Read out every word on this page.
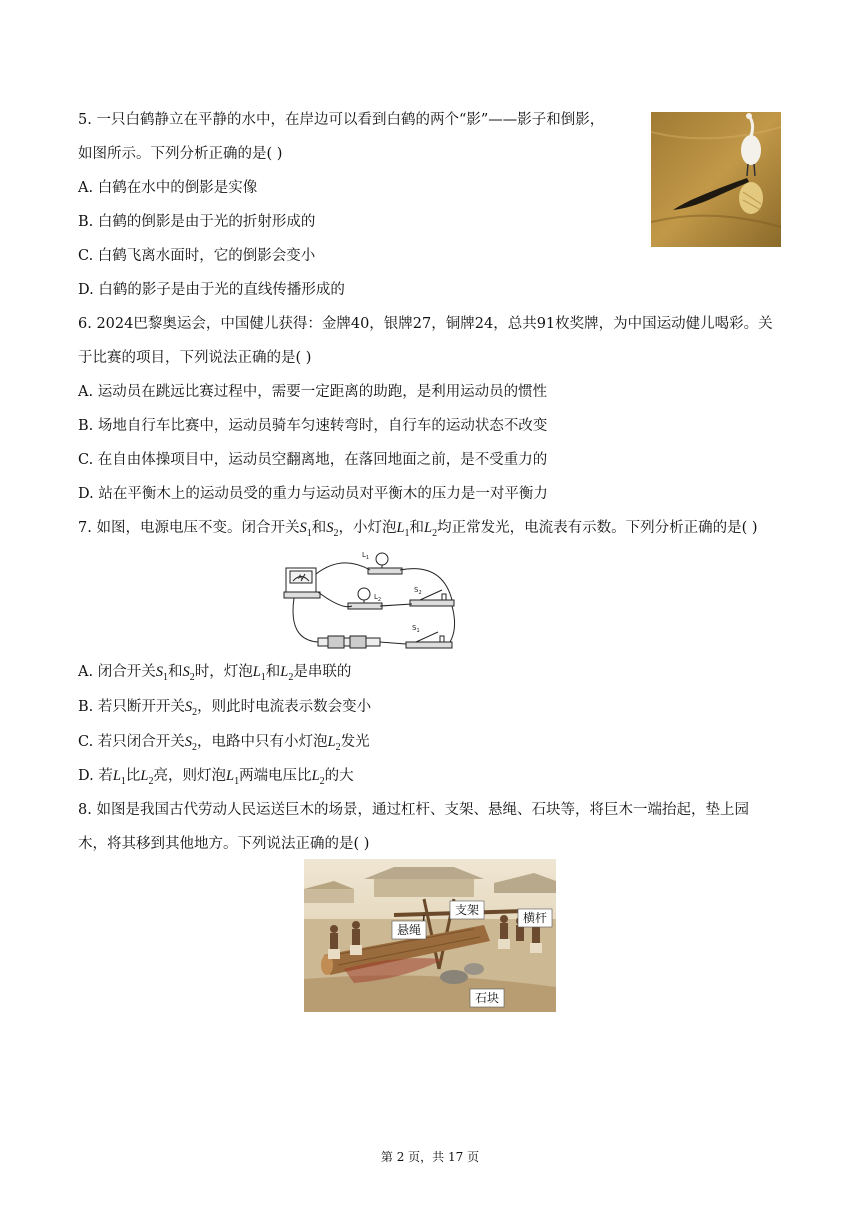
5. 一只白鹤静立在平静的水中，在岸边可以看到白鹤的两个“影”——影子和倒影，
如图所示。下列分析正确的是( )
A. 白鹤在水中的倒影是实像
B. 白鹤的倒影是由于光的折射形成的
C. 白鹤飞离水面时，它的倒影会变小
D. 白鹤的影子是由于光的直线传播形成的
6. 2024巴黎奥运会，中国健儿获得：金牌40，银牌27，铜牌24，总共91枚奖牌，为中国运动健儿喝彩。关
于比赛的项目，下列说法正确的是( )
A. 运动员在跳远比赛过程中，需要一定距离的助跑，是利用运动员的惯性
B. 场地自行车比赛中，运动员骑车匀速转弯时，自行车的运动状态不改变
C. 在自由体操项目中，运动员空翻离地，在落回地面之前，是不受重力的
D. 站在平衡木上的运动员受的重力与运动员对平衡木的压力是一对平衡力
7. 如图，电源电压不变。闭合开关$S_1$和$S_2$，小灯泡$L_1$和$L_2$均正常发光，电流表有示数。下列分析正确的是( )
A
$L_1$
$L_2$
$S_2$
$S_1$
A. 闭合开关$S_1$和$S_2$时，灯泡$L_1$和$L_2$是串联的
B. 若只断开开关$S_2$，则此时电流表示数会变小
C. 若只闭合开关$S_2$，电路中只有小灯泡$L_2$发光
D. 若$L_1$比$L_2$亮，则灯泡$L_1$两端电压比$L_2$的大
8. 如图是我国古代劳动人民运送巨木的场景，通过杠杆、支架、悬绳、石块等，将巨木一端抬起，垫上园
木，将其移到其他地方。下列说法正确的是( )
支架
悬绳
横杆
石块
第 2 页，共 17 页
